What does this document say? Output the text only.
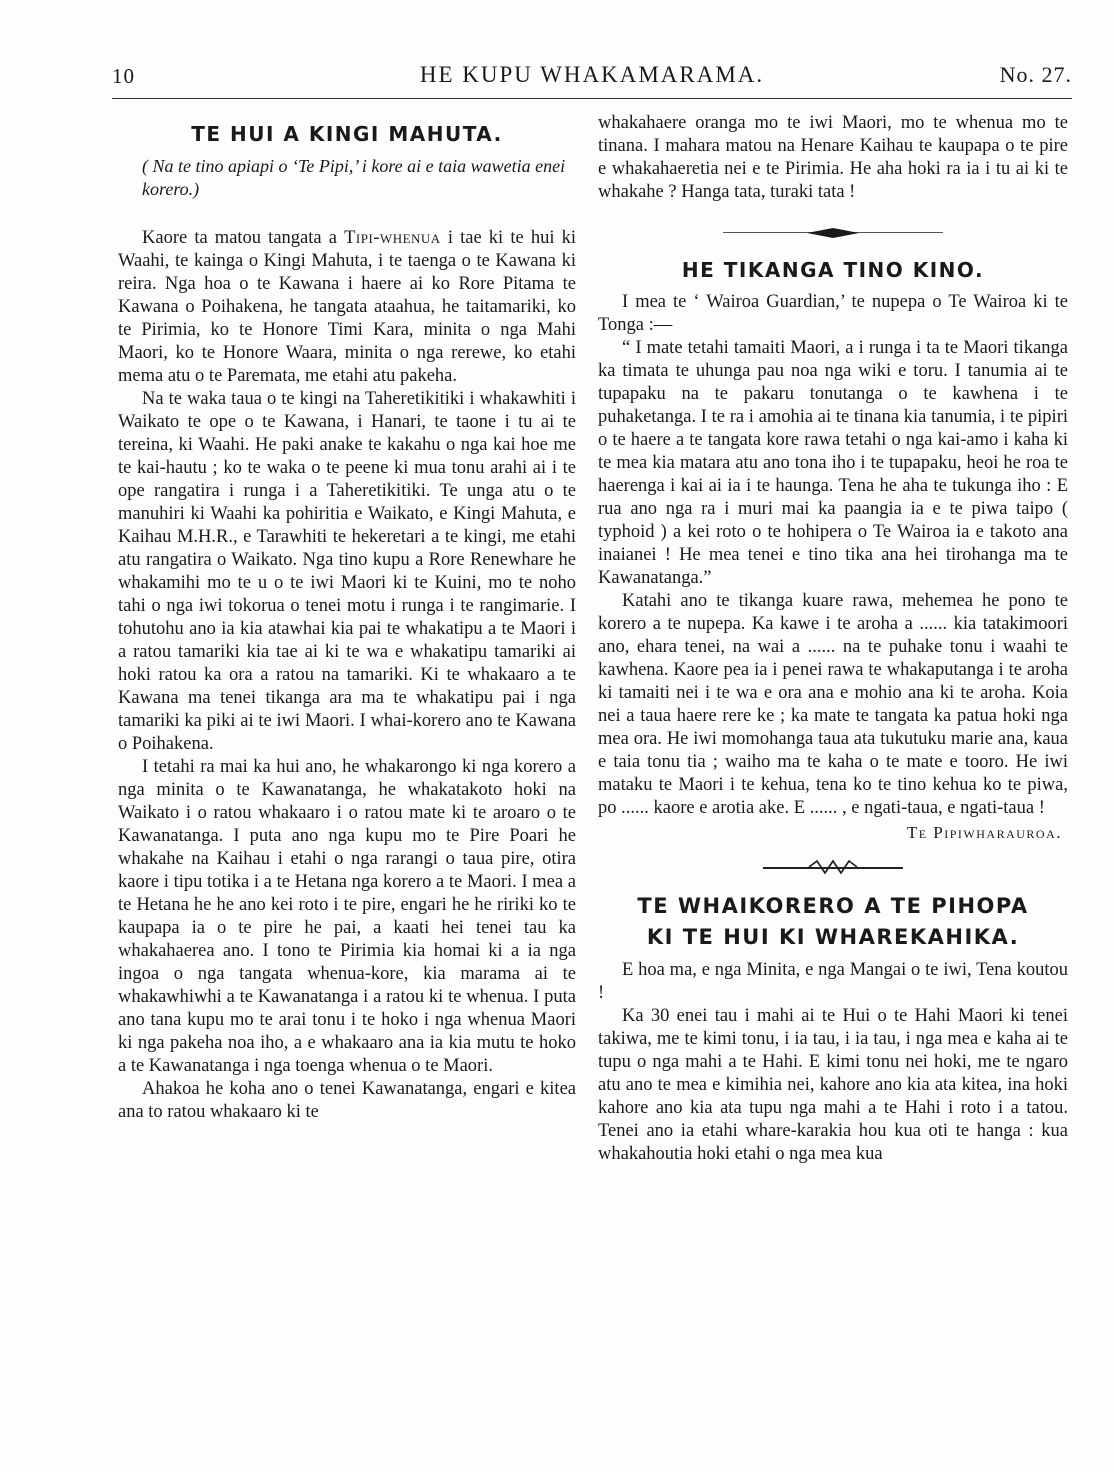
10	HE KUPU WHAKAMARAMA.	No. 27.
TE HUI A KINGI MAHUTA.
( Na te tino apiapi o ‘Te Pipi,’ i kore ai e taia wawetia enei korero.)

Kaore ta matou tangata a Tipi-whenua i tae ki te hui ki Waahi, te kainga o Kingi Mahuta, i te taenga o te Kawana ki reira. Nga hoa o te Kawana i haere ai ko Rore Pitama te Kawana o Poihakena, he tangata ataahua, he taitamariki, ko te Pirimia, ko te Honore Timi Kara, minita o nga Mahi Maori, ko te Honore Waara, minita o nga rerewe, ko etahi mema atu o te Paremata, me etahi atu pakeha.

Na te waka taua o te kingi na Taheretikitiki i whakawhiti i Waikato te ope o te Kawana, i Hanari, te taone i tu ai te tereina, ki Waahi. He paki anake te kakahu o nga kai hoe me te kai-hautu ; ko te waka o te peene ki mua tonu arahi ai i te ope rangatira i runga i a Taheretikitiki. Te unga atu o te manuhiri ki Waahi ka pohiritia e Waikato, e Kingi Mahuta, e Kaihau M.H.R., e Tarawhiti te hekeretari a te kingi, me etahi atu rangatira o Waikato. Nga tino kupu a Rore Renewhare he whakamihi mo te u o te iwi Maori ki te Kuini, mo te noho tahi o nga iwi tokorua o tenei motu i runga i te rangimarie. I tohutohu ano ia kia atawhai kia pai te whakatipu a te Maori i a ratou tamariki kia tae ai ki te wa e whakatipu tamariki ai hoki ratou ka ora a ratou na tamariki. Ki te whakaaro a te Kawana ma tenei tikanga ara ma te whakatipu pai i nga tamariki ka piki ai te iwi Maori. I whai-korero ano te Kawana o Poihakena.

I tetahi ra mai ka hui ano, he whakarongo ki nga korero a nga minita o te Kawanatanga, he whakatakoto hoki na Waikato i o ratou whakaaro i o ratou mate ki te aroaro o te Kawanatanga. I puta ano nga kupu mo te Pire Poari he whakahe na Kaihau i etahi o nga rarangi o taua pire, otira kaore i tipu totika i a te Hetana nga korero a te Maori. I mea a te Hetana he he ano kei roto i te pire, engari he he ririki ko te kaupapa ia o te pire he pai, a kaati hei tenei tau ka whakahaerea ano. I tono te Pirimia kia homai ki a ia nga ingoa o nga tangata whenua-kore, kia marama ai te whakawhiwhi a te Kawanatanga i a ratou ki te whenua. I puta ano tana kupu mo te arai tonu i te hoko i nga whenua Maori ki nga pakeha noa iho, a e whakaaro ana ia kia mutu te hoko a te Kawanatanga i nga toenga whenua o te Maori.

Ahakoa he koha ano o tenei Kawanatanga, engari e kitea ana to ratou whakaaro ki te

whakahaere oranga mo te iwi Maori, mo te whenua mo te tinana. I mahara matou na Henare Kaihau te kaupapa o te pire e whakahaeretia nei e te Pirimia. He aha hoki ra ia i tu ai ki te whakahe ? Hanga tata, turaki tata !

HE TIKANGA TINO KINO.

I mea te ‘ Wairoa Guardian,’ te nupepa o Te Wairoa ki te Tonga :—

“ I mate tetahi tamaiti Maori, a i runga i ta te Maori tikanga ka timata te uhunga pau noa nga wiki e toru. I tanumia ai te tupapaku na te pakaru tonutanga o te kawhena i te puhaketanga. I te ra i amohia ai te tinana kia tanumia, i te pipiri o te haere a te tangata kore rawa tetahi o nga kai-amo i kaha ki te mea kia matara atu ano tona iho i te tupapaku, heoi he roa te haerenga i kai ai ia i te haunga. Tena he aha te tukunga iho : E rua ano nga ra i muri mai ka paangia ia e te piwa taipo ( typhoid ) a kei roto o te hohipera o Te Wairoa ia e takoto ana inaianei ! He mea tenei e tino tika ana hei tirohanga ma te Kawanatanga.”

Katahi ano te tikanga kuare rawa, mehemea he pono te korero a te nupepa. Ka kawe i te aroha a ...... kia tatakimoori ano, ehara tenei, na wai a ...... na te puhake tonu i waahi te kawhena. Kaore pea ia i penei rawa te whakaputanga i te aroha ki tamaiti nei i te wa e ora ana e mohio ana ki te aroha. Koia nei a taua haere rere ke ; ka mate te tangata ka patua hoki nga mea ora. He iwi momohanga taua ata tukutuku marie ana, kaua e taia tonu tia ; waiho ma te kaha o te mate e tooro. He iwi mataku te Maori i te kehua, tena ko te tino kehua ko te piwa, po ...... kaore e arotia ake. E ...... , e ngati-taua, e ngati-taua !

Te Pipiwharauroa.
TE WHAIKORERO A TE PIHOPA
KI TE HUI KI WHAREKAHIKA.

E hoa ma, e nga Minita, e nga Mangai o te iwi, Tena koutou !

Ka 30 enei tau i mahi ai te Hui o te Hahi Maori ki tenei takiwa, me te kimi tonu, i ia tau, i ia tau, i nga mea e kaha ai te tupu o nga mahi a te Hahi. E kimi tonu nei hoki, me te ngaro atu ano te mea e kimihia nei, kahore ano kia ata kitea, ina hoki kahore ano kia ata tupu nga mahi a te Hahi i roto i a tatou. Tenei ano ia etahi whare-karakia hou kua oti te hanga : kua whakahoutia hoki etahi o nga mea kua
